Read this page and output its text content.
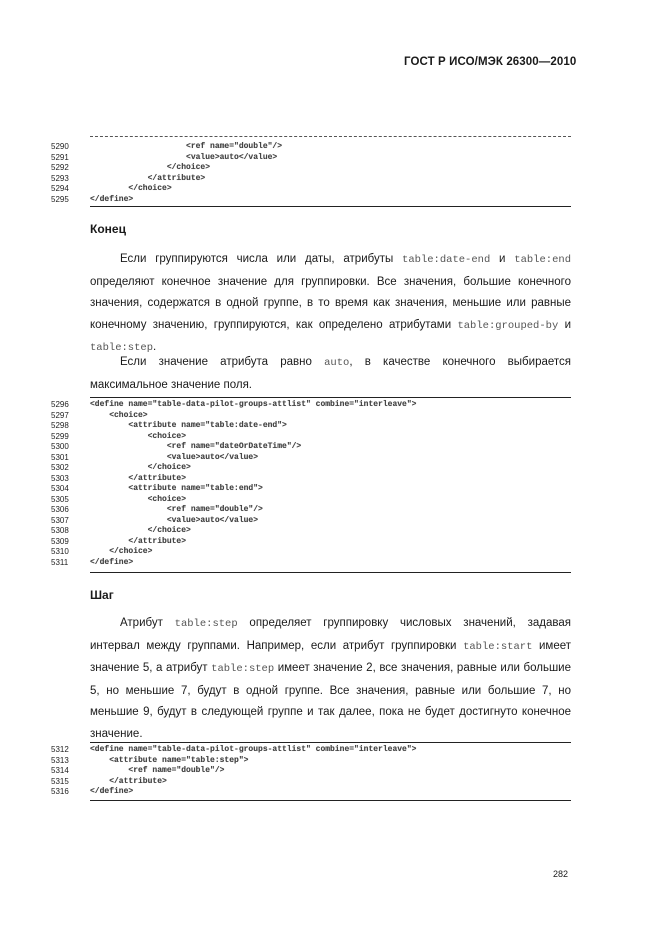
ГОСТ Р ИСО/МЭК 26300—2010
5290	<ref name="double"/>
5291	<value>auto</value>
5292	</choice>
5293	</attribute>
5294	</choice>
5295	</define>
Конец
Если группируются числа или даты, атрибуты table:date-end и table:end определяют конечное значение для группировки. Все значения, большие конечного значения, содержатся в одной группе, в то время как значения, меньшие или равные конечному значению, группируются, как определено атрибутами table:grouped-by и table:step.
Если значение атрибута равно auto, в качестве конечного выбирается максимальное значение поля.
5296	<define name="table-data-pilot-groups-attlist" combine="interleave">
5297	<choice>
5298	<attribute name="table:date-end">
5299	<choice>
5300	<ref name="dateOrDateTime"/>
5301	<value>auto</value>
5302	</choice>
5303	</attribute>
5304	<attribute name="table:end">
5305	<choice>
5306	<ref name="double"/>
5307	<value>auto</value>
5308	</choice>
5309	</attribute>
5310	</choice>
5311	</define>
Шаг
Атрибут table:step определяет группировку числовых значений, задавая интервал между группами. Например, если атрибут группировки table:start имеет значение 5, а атрибут table:step имеет значение 2, все значения, равные или большие 5, но меньшие 7, будут в одной группе. Все значения, равные или большие 7, но меньшие 9, будут в следующей группе и так далее, пока не будет достигнуто конечное значение.
5312	<define name="table-data-pilot-groups-attlist" combine="interleave">
5313	<attribute name="table:step">
5314	<ref name="double"/>
5315	</attribute>
5316	</define>
282
